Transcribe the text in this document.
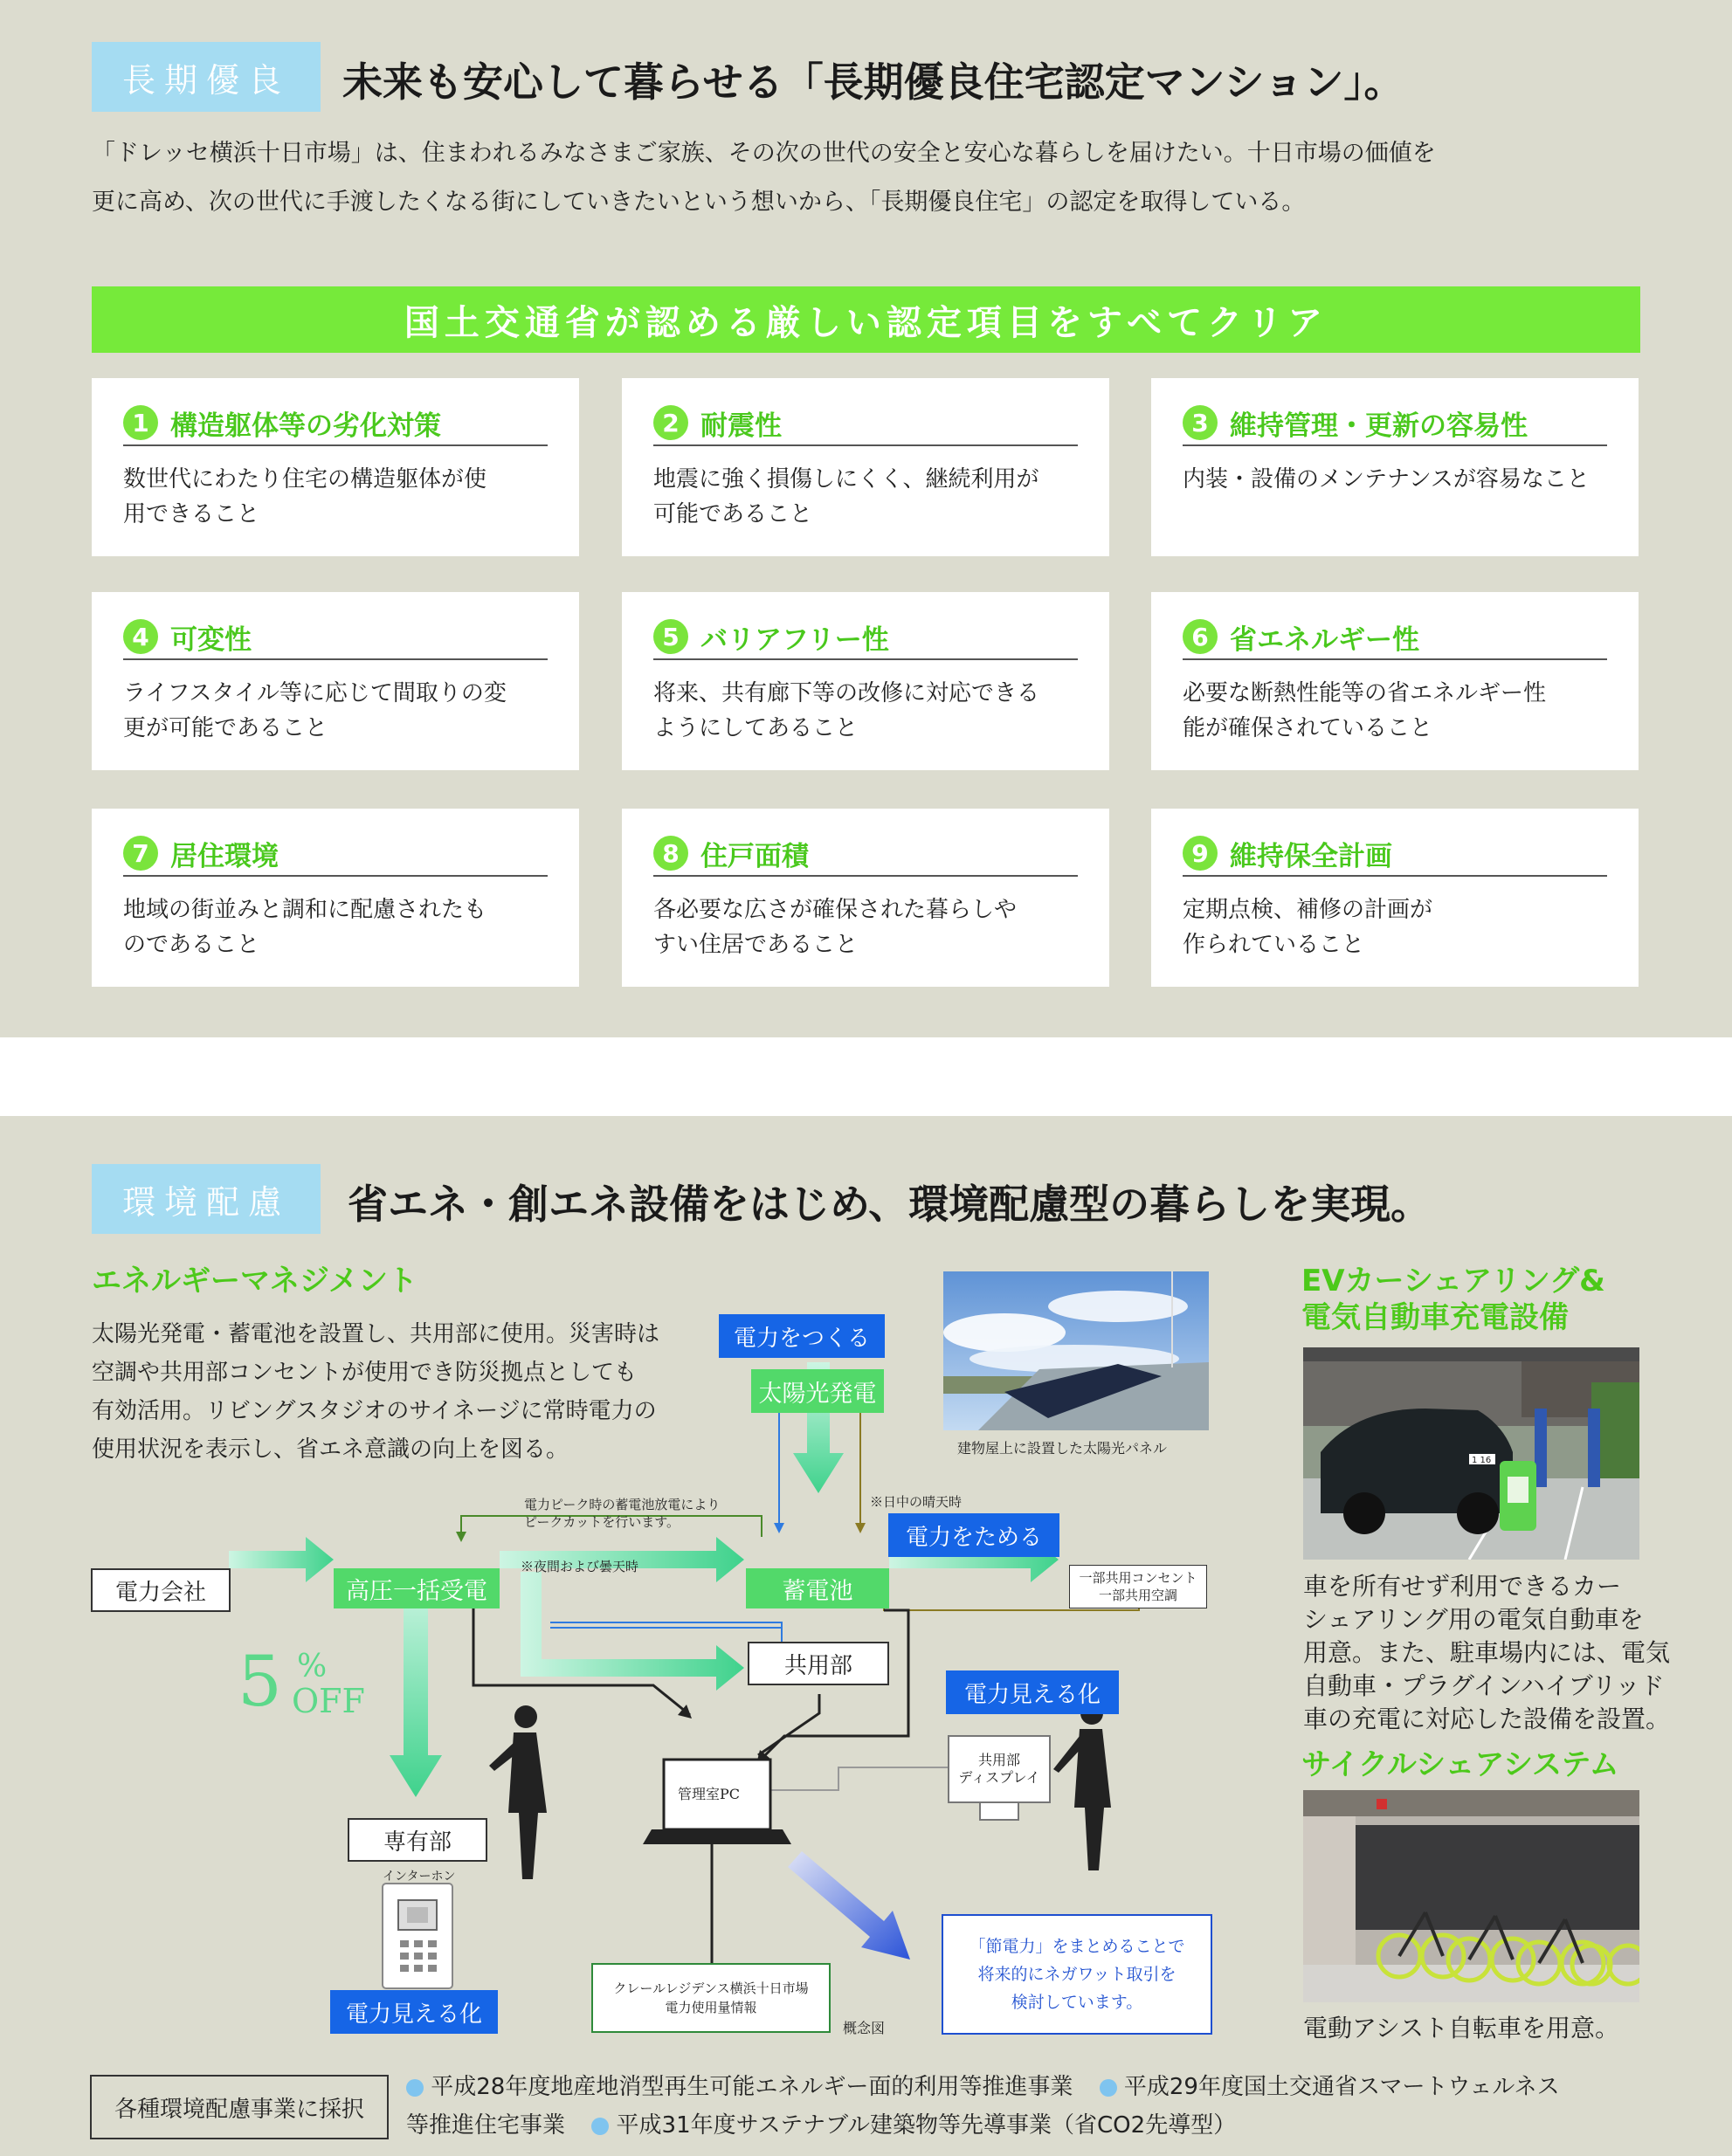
長期優良	未来も安心して暮らせる「長期優良住宅認定マンション」。
「ドレッセ横浜十日市場」は、住まわれるみなさまご家族、その次の世代の安全と安心な暮らしを届けたい。十日市場の価値を
更に高め、次の世代に手渡したくなる街にしていきたいという想いから、「長期優良住宅」の認定を取得している。
国土交通省が認める厳しい認定項目をすべてクリア
1 構造躯体等の劣化対策
数世代にわたり住宅の構造躯体が使
用できること
2 耐震性
地震に強く損傷しにくく、継続利用が
可能であること
3 維持管理・更新の容易性
内装・設備のメンテナンスが容易なこと
4 可変性
ライフスタイル等に応じて間取りの変
更が可能であること
5 バリアフリー性
将来、共有廊下等の改修に対応できる
ようにしてあること
6 省エネルギー性
必要な断熱性能等の省エネルギー性
能が確保されていること
7 居住環境
地域の街並みと調和に配慮されたも
のであること
8 住戸面積
各必要な広さが確保された暮らしや
すい住居であること
9 維持保全計画
定期点検、補修の計画が
作られていること
環境配慮	省エネ・創エネ設備をはじめ、環境配慮型の暮らしを実現。
エネルギーマネジメント
太陽光発電・蓄電池を設置し、共用部に使用。災害時は
空調や共用部コンセントが使用でき防災拠点としても
有効活用。リビングスタジオのサイネージに常時電力の
使用状況を表示し、省エネ意識の向上を図る。
電力をつくる
太陽光発電
電力ピーク時の蓄電池放電により
ピークカットを行います。
※日中の晴天時
電力をためる
※夜間および曇天時
電力会社	高圧一括受電	蓄電池	一部共用コンセント
一部共用空調
共用部
5 %
OFF	電力見える化
管理室PC
共用部
ディスプレイ
専有部
インターホン
電力見える化
クレールレジデンス横浜十日市場
電力使用量情報
概念図
「節電力」をまとめることで
将来的にネガワット取引を
検討しています。
建物屋上に設置した太陽光パネル
EVカーシェアリング&
電気自動車充電設備
1 16
車を所有せず利用できるカー
シェアリング用の電気自動車を
用意。また、駐車場内には、電気
自動車・プラグインハイブリッド
車の充電に対応した設備を設置。
サイクルシェアシステム
電動アシスト自転車を用意。
各種環境配慮事業に採択
平成28年度地産地消型再生可能エネルギー面的利用等推進事業 平成29年度国土交通省スマートウェルネス
等推進住宅事業 平成31年度サステナブル建築物等先導事業（省CO2先導型）
